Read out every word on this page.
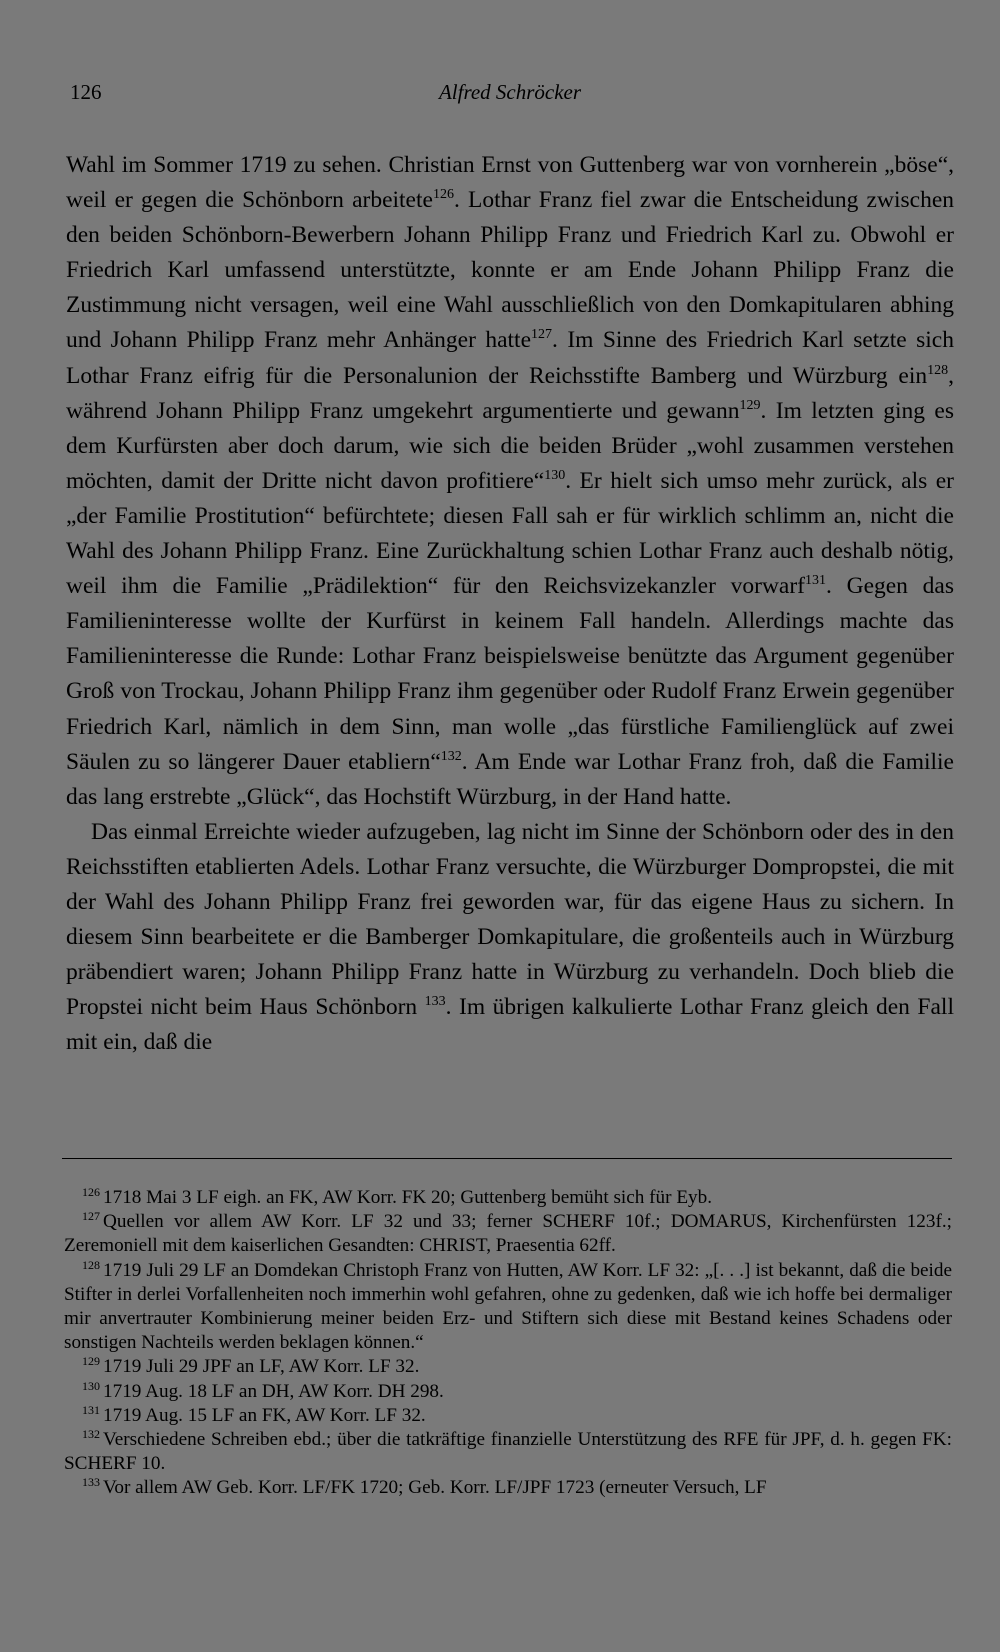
126	Alfred Schröcker

Wahl im Sommer 1719 zu sehen. Christian Ernst von Guttenberg war von vornherein „böse“, weil er gegen die Schönborn arbeitete$^{126}$. Lothar Franz fiel zwar die Entscheidung zwischen den beiden Schönborn-Bewerbern Johann Philipp Franz und Friedrich Karl zu. Obwohl er Friedrich Karl umfassend unterstützte, konnte er am Ende Johann Philipp Franz die Zustimmung nicht versagen, weil eine Wahl ausschließlich von den Domkapitularen abhing und Johann Philipp Franz mehr Anhänger hatte$^{127}$. Im Sinne des Friedrich Karl setzte sich Lothar Franz eifrig für die Personalunion der Reichsstifte Bamberg und Würzburg ein$^{128}$, während Johann Philipp Franz umgekehrt argumentierte und gewann$^{129}$. Im letzten ging es dem Kurfürsten aber doch darum, wie sich die beiden Brüder „wohl zusammen verstehen möchten, damit der Dritte nicht davon profitiere“$^{130}$. Er hielt sich umso mehr zurück, als er „der Familie Prostitution“ befürchtete; diesen Fall sah er für wirklich schlimm an, nicht die Wahl des Johann Philipp Franz. Eine Zurückhaltung schien Lothar Franz auch deshalb nötig, weil ihm die Familie „Prädilektion“ für den Reichsvizekanzler vorwarf$^{131}$. Gegen das Familieninteresse wollte der Kurfürst in keinem Fall handeln. Allerdings machte das Familieninteresse die Runde: Lothar Franz beispielsweise benützte das Argument gegenüber Groß von Trockau, Johann Philipp Franz ihm gegenüber oder Rudolf Franz Erwein gegenüber Friedrich Karl, nämlich in dem Sinn, man wolle „das fürstliche Familienglück auf zwei Säulen zu so längerer Dauer etabliern“$^{132}$. Am Ende war Lothar Franz froh, daß die Familie das lang erstrebte „Glück“, das Hochstift Würzburg, in der Hand hatte.

Das einmal Erreichte wieder aufzugeben, lag nicht im Sinne der Schönborn oder des in den Reichsstiften etablierten Adels. Lothar Franz versuchte, die Würzburger Dompropstei, die mit der Wahl des Johann Philipp Franz frei geworden war, für das eigene Haus zu sichern. In diesem Sinn bearbeitete er die Bamberger Domkapitulare, die großenteils auch in Würzburg präbendiert waren; Johann Philipp Franz hatte in Würzburg zu verhandeln. Doch blieb die Propstei nicht beim Haus Schönborn $^{133}$. Im übrigen kalkulierte Lothar Franz gleich den Fall mit ein, daß die

$^{126}$ 1718 Mai 3 LF eigh. an FK, AW Korr. FK 20; Guttenberg bemüht sich für Eyb.

$^{127}$ Quellen vor allem AW Korr. LF 32 und 33; ferner SCHERF 10f.; DOMARUS, Kirchenfürsten 123f.; Zeremoniell mit dem kaiserlichen Gesandten: CHRIST, Praesentia 62ff.

$^{128}$ 1719 Juli 29 LF an Domdekan Christoph Franz von Hutten, AW Korr. LF 32: „[. . .] ist bekannt, daß die beide Stifter in derlei Vorfallenheiten noch immerhin wohl gefahren, ohne zu gedenken, daß wie ich hoffe bei dermaliger mir anvertrauter Kombinierung meiner beiden Erz- und Stiftern sich diese mit Bestand keines Schadens oder sonstigen Nachteils werden beklagen können.“

$^{129}$ 1719 Juli 29 JPF an LF, AW Korr. LF 32.

$^{130}$ 1719 Aug. 18 LF an DH, AW Korr. DH 298.

$^{131}$ 1719 Aug. 15 LF an FK, AW Korr. LF 32.

$^{132}$ Verschiedene Schreiben ebd.; über die tatkräftige finanzielle Unterstützung des RFE für JPF, d. h. gegen FK: SCHERF 10.

$^{133}$ Vor allem AW Geb. Korr. LF/FK 1720; Geb. Korr. LF/JPF 1723 (erneuter Versuch, LF
